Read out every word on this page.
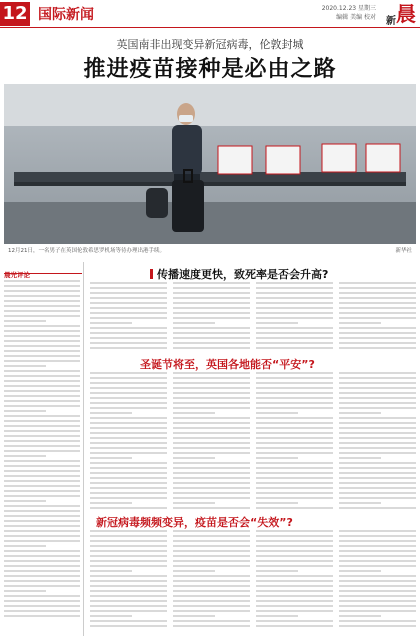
12 国际新闻	2020.12.23 星期三
编辑 美编 校对 新 晨
英国南非出现变异新冠病毒，伦敦封城
推进疫苗接种是必由之路
12月21日，一名男子在英国伦敦希思罗机场等待办理出港手续。	新华社
晨光评论	传播速度更快，致死率是否会升高?
圣诞节将至，英国各地能否“平安”?
新冠病毒频频变异，疫苗是否会“失效”?
